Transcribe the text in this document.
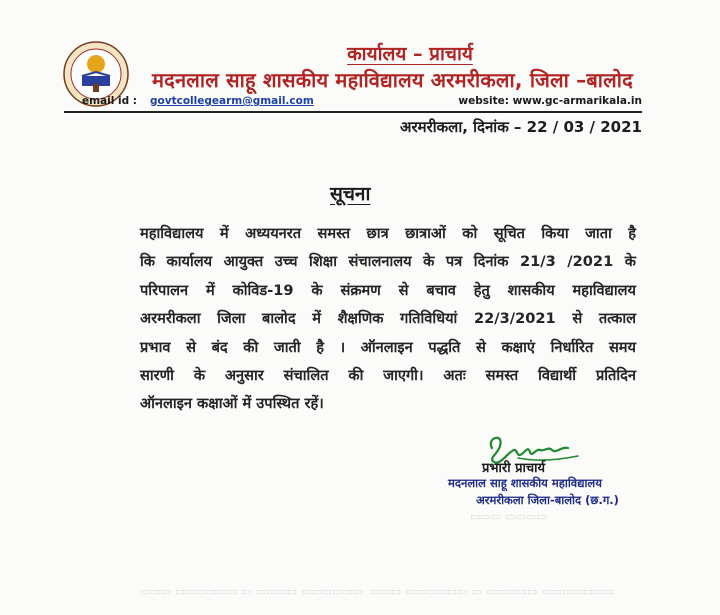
कार्यालय – प्राचार्य
मदनलाल साहू शासकीय महाविद्यालय अरमरीकला, जिला –बालोद
email id : govtcollegearm@gmail.com	website: www.gc-armarikala.in
अरमरीकला, दिनांक – 22 / 03 / 2021
सूचना
महाविद्यालय में अध्ययनरत समस्त छात्र छात्राओं को सूचित किया जाता है
कि कार्यालय आयुक्त उच्च शिक्षा संचालनालय के पत्र दिनांक 21/3 /2021 के
परिपालन में कोविड-19 के संक्रमण से बचाव हेतु शासकीय महाविद्यालय
अरमरीकला जिला बालोद में शैक्षणिक गतिविधियां 22/3/2021 से तत्काल
प्रभाव से बंद की जाती है । ऑनलाइन पद्धति से कक्षाएं निर्धारित समय
सारणी के अनुसार संचालित की जाएगी। अतः समस्त विद्यार्थी प्रतिदिन
ऑनलाइन कक्षाओं में उपस्थित रहें।
प्रभारी प्राचार्य
मदनलाल साहू शासकीय महाविद्यालय
अरमरीकला जिला-बालोद (छ.ग.)
▭▭▭ ▭▭▭▭
▭▭▭ ▭▭▭▭▭▭ ▭ ▭▭▭▭ ▭▭▭▭▭▭ ▭▭▭ ▭▭▭▭▭▭ ▭ ▭▭▭▭▭ ▭▭▭▭▭▭▭
